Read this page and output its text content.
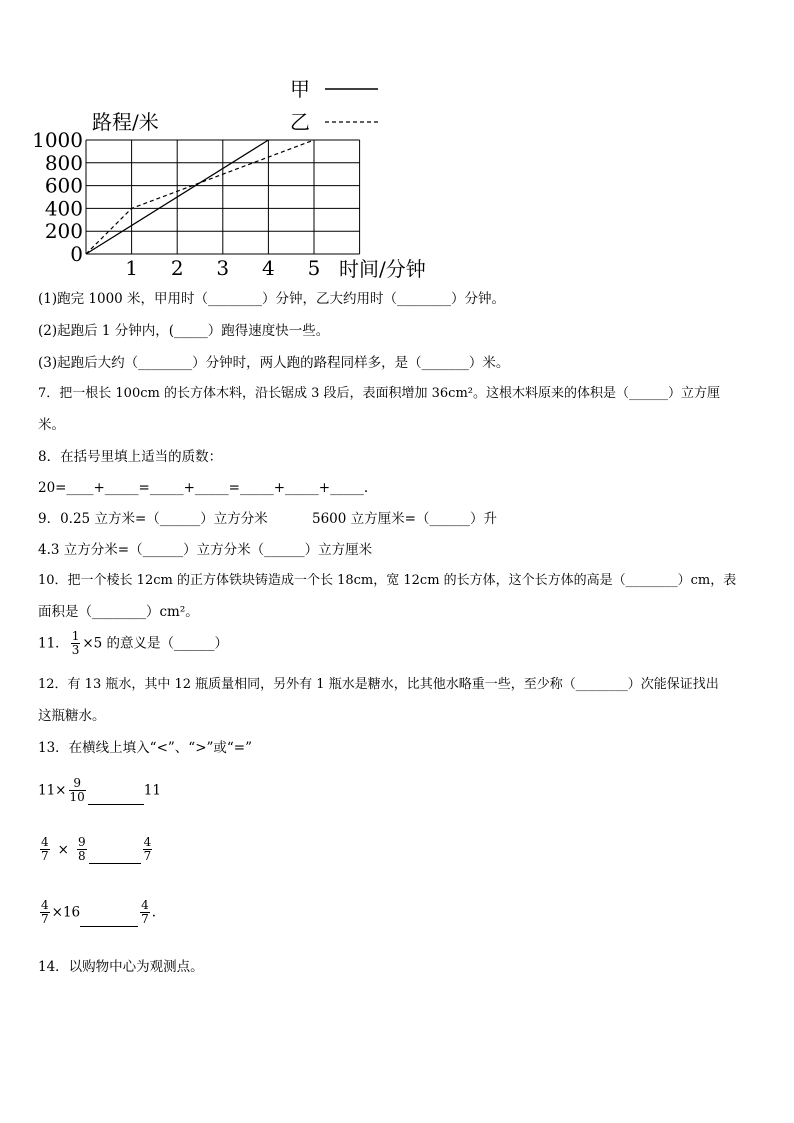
1 2 3 4 5
0
200
400
600
800
1000
路程/米
时间/分钟
甲
乙
(1)跑完 1000 米，甲用时（________）分钟，乙大约用时（________）分钟。
(2)起跑后 1 分钟内，(_____）跑得速度快一些。
(3)起跑后大约（________）分钟时，两人跑的路程同样多，是（_______）米。
7．把一根长 100cm 的长方体木料，沿长锯成 3 段后，表面积增加 36cm²。这根木料原来的体积是（______）立方厘
米。
8．在括号里填上适当的质数：
20=____+_____=_____+_____=_____+_____+_____.
9．0.25 立方米=（______）立方分米	5600 立方厘米=（______）升
4.3 立方分米=（______）立方分米（______）立方厘米
10．把一个棱长 12cm 的正方体铁块铸造成一个长 18cm，宽 12cm 的长方体，这个长方体的高是（________）cm，表
面积是（________）cm²。
11． $\frac{1}{3} \times 5$ 的意义是（______）
12．有 13 瓶水，其中 12 瓶质量相同，另外有 1 瓶水是糖水，比其他水略重一些，至少称（________）次能保证找出
这瓶糖水。
13．在横线上填入“<”、“>”或“=”
$11\times \frac{9}{10}$	11
$\frac{4}{7} \times \frac{9}{8}$	$\frac{4}{7}$
$\frac{4}{7} \times 16$	$\frac{4}{7}$ .
14．以购物中心为观测点。
